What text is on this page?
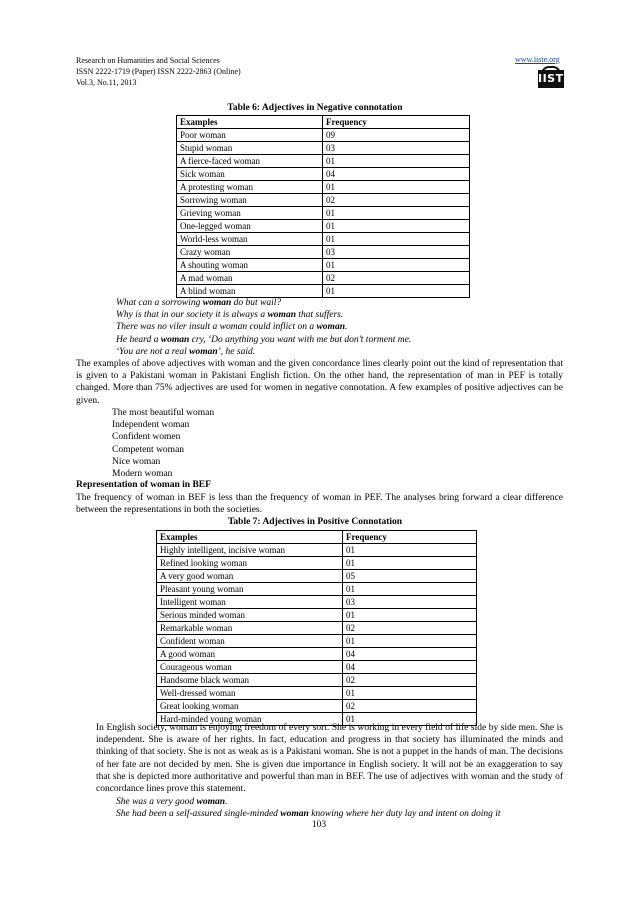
Research on Humanities and Social Sciences
ISSN 2222-1719 (Paper) ISSN 2222-2863 (Online)
Vol.3, No.11, 2013
www.iiste.org
IISTE
Table 6: Adjectives in Negative connotation
Examples	Frequency
Poor woman	09
Stupid woman	03
A fierce-faced woman	01
Sick woman	04
A protesting woman	01
Sorrowing woman	02
Grieving woman	01
One-legged woman	01
World-less woman	01
Crazy woman	03
A shouting woman	01
A mad woman	02
A blind woman	01
What can a sorrowing woman do but wail?
Why is that in our society it is always a woman that suffers.
There was no viler insult a woman could inflict on a woman.
He heard a woman cry, ‘Do anything you want with me but don’t torment me.
‘You are not a real woman’, he said.
The examples of above adjectives with woman and the given concordance lines clearly point out the kind of representation that is given to a Pakistani woman in Pakistani English fiction. On the other hand, the representation of man in PEF is totally changed. More than 75% adjectives are used for women in negative connotation. A few examples of positive adjectives can be given.
The most beautiful woman
Independent woman
Confident women
Competent woman
Nice woman
Modern woman
Representation of woman in BEF
The frequency of woman in BEF is less than the frequency of woman in PEF. The analyses bring forward a clear difference between the representations in both the societies.
Table 7: Adjectives in Positive Connotation
Examples	Frequency
Highly intelligent, incisive woman	01
Refined looking woman	01
A very good woman	05
Pleasant young woman	01
Intelligent woman	03
Serious minded woman	01
Remarkable woman	02
Confident woman	01
A good woman	04
Courageous woman	04
Handsome black woman	02
Well-dressed woman	01
Great looking woman	02
Hard-minded young woman	01
In English society, woman is enjoying freedom of every sort. She is working in every field of life side by side men. She is independent. She is aware of her rights. In fact, education and progress in that society has illuminated the minds and thinking of that society. She is not as weak as is a Pakistani woman. She is not a puppet in the hands of man. The decisions of her fate are not decided by men. She is given due importance in English society. It will not be an exaggeration to say that she is depicted more authoritative and powerful than man in BEF. The use of adjectives with woman and the study of concordance lines prove this statement.
She was a very good woman.
She had been a self-assured single-minded woman knowing where her duty lay and intent on doing it
103
